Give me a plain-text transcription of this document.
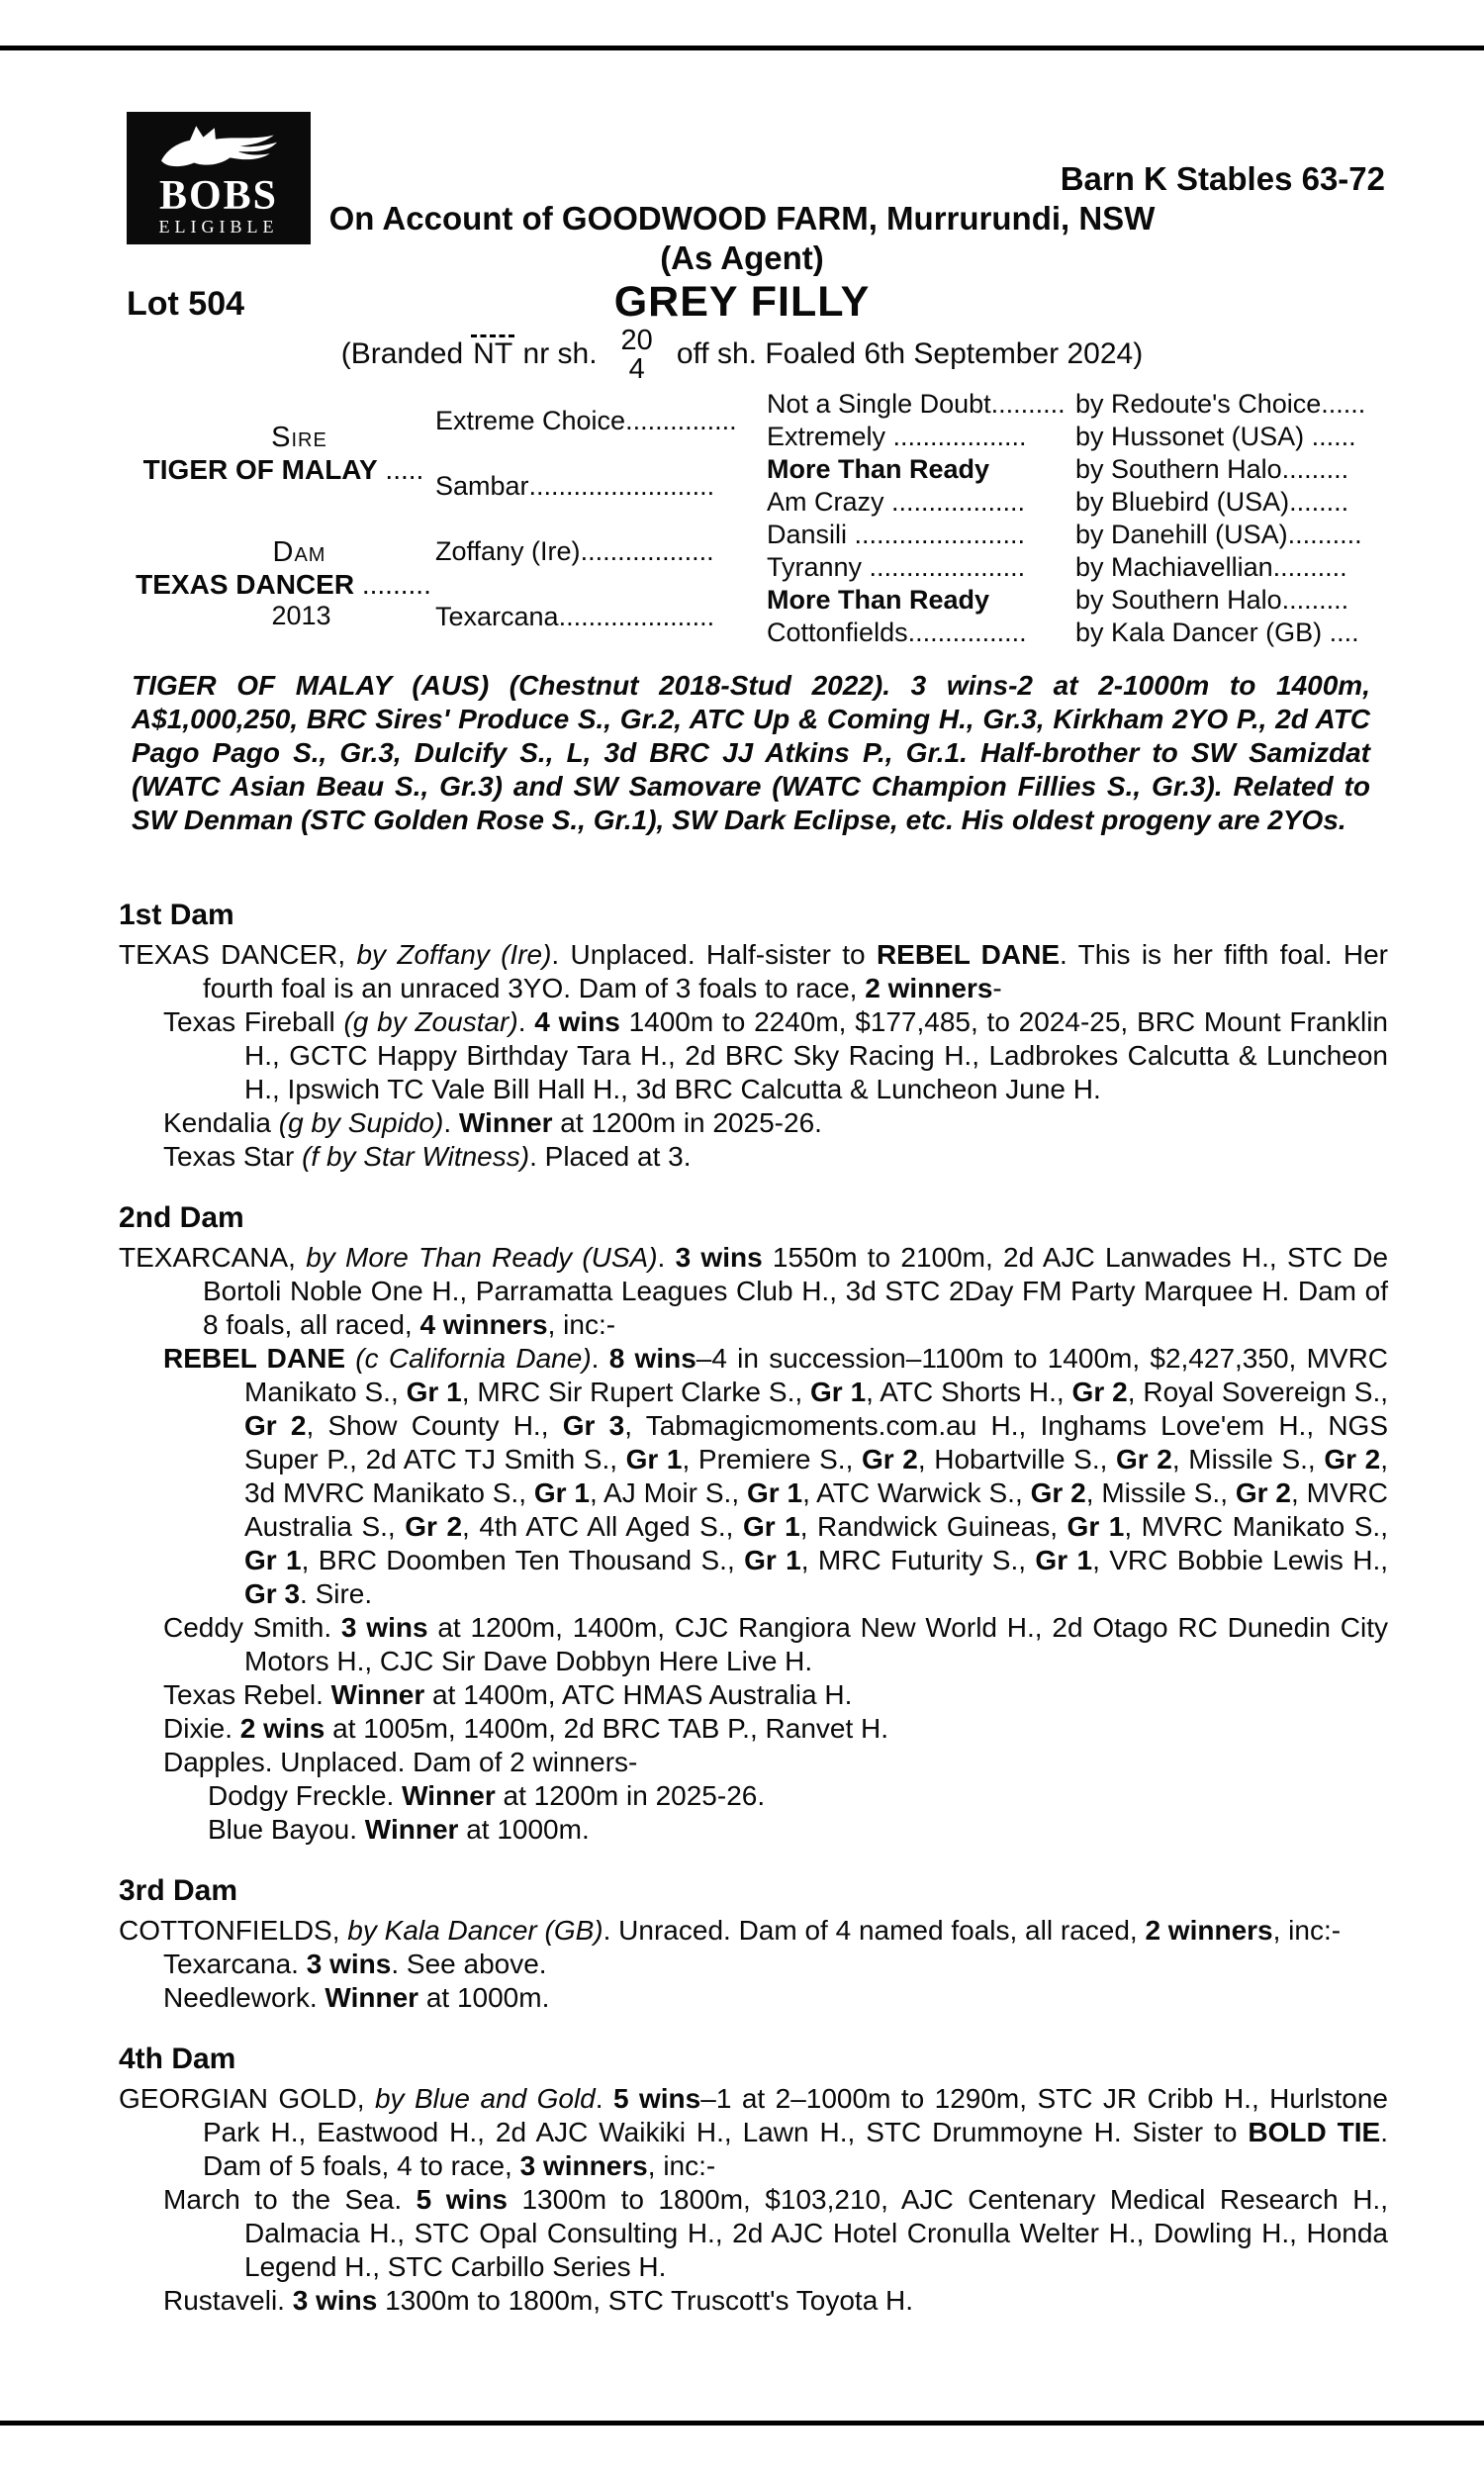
BOBS
ELIGIBLE
Barn K Stables 63-72
On Account of GOODWOOD FARM, Murrurundi, NSW
(As Agent)
Lot 504	GREY FILLY
(Branded NT nr sh. 20
4 off sh. Foaled 6th September 2024)
Sire
TIGER OF MALAY .....
Dam
TEXAS DANCER .........
2013
Extreme Choice ...............
Sambar .........................
Zoffany (Ire) ..................
Texarcana .....................
Not a Single Doubt.......... by Redoute's Choice......
Extremely ..................	by Hussonet (USA) ......
More Than Ready	by Southern Halo.........
Am Crazy ..................	by Bluebird (USA)........
Dansili .......................	by Danehill (USA)..........
Tyranny .....................	by Machiavellian..........
More Than Ready	by Southern Halo.........
Cottonfields................	by Kala Dancer (GB) ....
TIGER OF MALAY (AUS) (Chestnut 2018-Stud 2022). 3 wins-2 at 2-1000m to 1400m, A$1,000,250, BRC Sires' Produce S., Gr.2, ATC Up & Coming H., Gr.3, Kirkham 2YO P., 2d ATC Pago Pago S., Gr.3, Dulcify S., L, 3d BRC JJ Atkins P., Gr.1. Half-brother to SW Samizdat (WATC Asian Beau S., Gr.3) and SW Samovare (WATC Champion Fillies S., Gr.3). Related to SW Denman (STC Golden Rose S., Gr.1), SW Dark Eclipse, etc. His oldest progeny are 2YOs.
1st Dam

TEXAS DANCER, by Zoffany (Ire). Unplaced. Half-sister to REBEL DANE. This is her fifth foal. Her fourth foal is an unraced 3YO. Dam of 3 foals to race, 2 winners-

Texas Fireball (g by Zoustar). 4 wins 1400m to 2240m, $177,485, to 2024-25, BRC Mount Franklin H., GCTC Happy Birthday Tara H., 2d BRC Sky Racing H., Ladbrokes Calcutta & Luncheon H., Ipswich TC Vale Bill Hall H., 3d BRC Calcutta & Luncheon June H.

Kendalia (g by Supido). Winner at 1200m in 2025-26.

Texas Star (f by Star Witness). Placed at 3.

2nd Dam

TEXARCANA, by More Than Ready (USA). 3 wins 1550m to 2100m, 2d AJC Lanwades H., STC De Bortoli Noble One H., Parramatta Leagues Club H., 3d STC 2Day FM Party Marquee H. Dam of 8 foals, all raced, 4 winners, inc:-

REBEL DANE (c California Dane). 8 wins–4 in succession–1100m to 1400m, $2,427,350, MVRC Manikato S., Gr 1, MRC Sir Rupert Clarke S., Gr 1, ATC Shorts H., Gr 2, Royal Sovereign S., Gr 2, Show County H., Gr 3, Tabmagicmoments.com.au H., Inghams Love'em H., NGS Super P., 2d ATC TJ Smith S., Gr 1, Premiere S., Gr 2, Hobartville S., Gr 2, Missile S., Gr 2, 3d MVRC Manikato S., Gr 1, AJ Moir S., Gr 1, ATC Warwick S., Gr 2, Missile S., Gr 2, MVRC Australia S., Gr 2, 4th ATC All Aged S., Gr 1, Randwick Guineas, Gr 1, MVRC Manikato S., Gr 1, BRC Doomben Ten Thousand S., Gr 1, MRC Futurity S., Gr 1, VRC Bobbie Lewis H., Gr 3. Sire.

Ceddy Smith. 3 wins at 1200m, 1400m, CJC Rangiora New World H., 2d Otago RC Dunedin City Motors H., CJC Sir Dave Dobbyn Here Live H.

Texas Rebel. Winner at 1400m, ATC HMAS Australia H.

Dixie. 2 wins at 1005m, 1400m, 2d BRC TAB P., Ranvet H.

Dapples. Unplaced. Dam of 2 winners-

Dodgy Freckle. Winner at 1200m in 2025-26.

Blue Bayou. Winner at 1000m.

3rd Dam

COTTONFIELDS, by Kala Dancer (GB). Unraced. Dam of 4 named foals, all raced, 2 winners, inc:-

Texarcana. 3 wins. See above.

Needlework. Winner at 1000m.

4th Dam

GEORGIAN GOLD, by Blue and Gold. 5 wins–1 at 2–1000m to 1290m, STC JR Cribb H., Hurlstone Park H., Eastwood H., 2d AJC Waikiki H., Lawn H., STC Drummoyne H. Sister to BOLD TIE. Dam of 5 foals, 4 to race, 3 winners, inc:-

March to the Sea. 5 wins 1300m to 1800m, $103,210, AJC Centenary Medical Research H., Dalmacia H., STC Opal Consulting H., 2d AJC Hotel Cronulla Welter H., Dowling H., Honda Legend H., STC Carbillo Series H.

Rustaveli. 3 wins 1300m to 1800m, STC Truscott's Toyota H.
